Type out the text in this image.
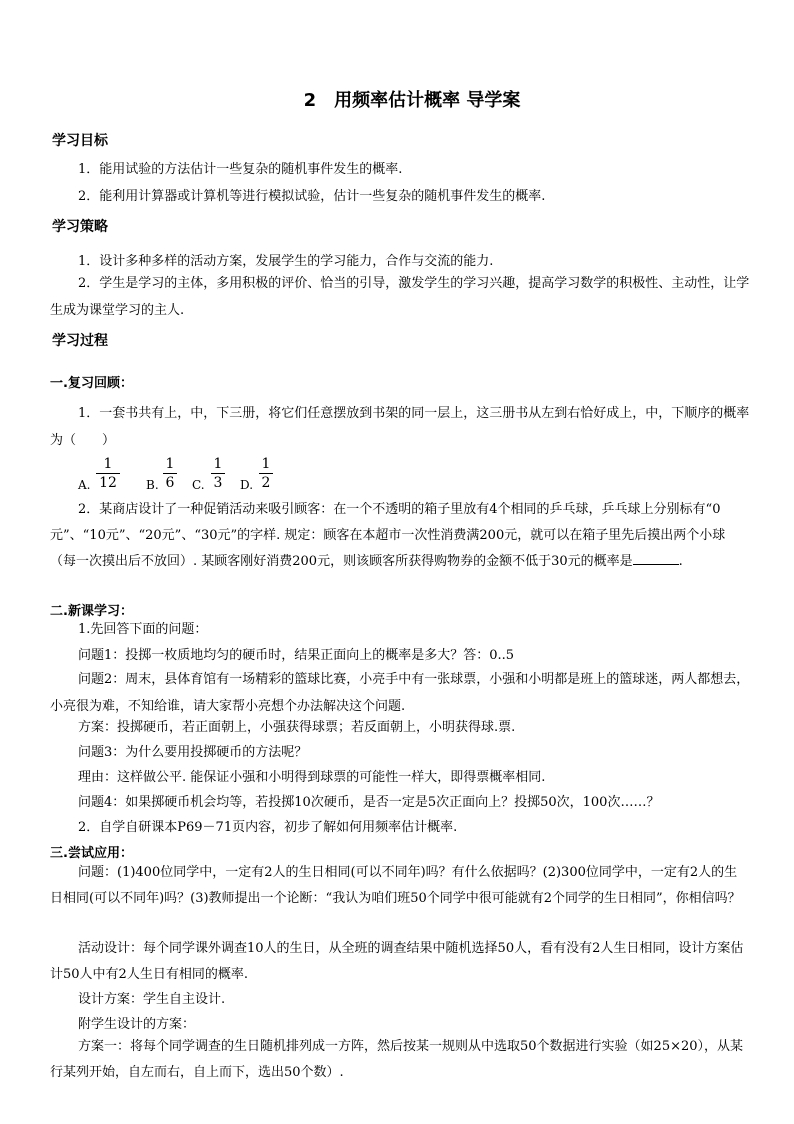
2　用频率估计概率 导学案
学习目标
1．能用试验的方法估计一些复杂的随机事件发生的概率.
2．能利用计算器或计算机等进行模拟试验，估计一些复杂的随机事件发生的概率.
学习策略
1．设计多种多样的活动方案，发展学生的学习能力，合作与交流的能力.
2．学生是学习的主体，多用积极的评价、恰当的引导，激发学生的学习兴趣，提高学习数学的积极性、主动性，让学生成为课堂学习的主人.
学习过程
一.复习回顾：
1．一套书共有上，中，下三册，将它们任意摆放到书架的同一层上，这三册书从左到右恰好成上，中，下顺序的概率为（　　）
A.
1
12 B.
1
6 C.
1
3 D.
1
2
2．某商店设计了一种促销活动来吸引顾客：在一个不透明的箱子里放有4个相同的乒乓球，乒乓球上分别标有“0元”、“10元”、“20元”、“30元”的字样. 规定：顾客在本超市一次性消费满200元，就可以在箱子里先后摸出两个小球（每一次摸出后不放回）. 某顾客刚好消费200元，则该顾客所获得购物券的金额不低于30元的概率是	.
二.新课学习：
1.先回答下面的问题：
问题1：投掷一枚质地均匀的硬币时，结果正面向上的概率是多大？答：0..5
问题2：周末，县体育馆有一场精彩的篮球比赛，小亮手中有一张球票，小强和小明都是班上的篮球迷，两人都想去，小亮很为难，不知给谁，请大家帮小亮想个办法解决这个问题.
方案：投掷硬币，若正面朝上，小强获得球票；若反面朝上，小明获得球.票.
问题3：为什么要用投掷硬币的方法呢？
理由：这样做公平. 能保证小强和小明得到球票的可能性一样大，即得票概率相同.
问题4：如果掷硬币机会均等，若投掷10次硬币，是否一定是5次正面向上？投掷50次，100次……？
2．自学自研课本P69－71页内容，初步了解如何用频率估计概率.
三.尝试应用：
问题：(1)400位同学中，一定有2人的生日相同(可以不同年)吗？有什么依据吗？(2)300位同学中，一定有2人的生日相同(可以不同年)吗？(3)教师提出一个论断：“我认为咱们班50个同学中很可能就有2个同学的生日相同”，你相信吗？
活动设计：每个同学课外调查10人的生日，从全班的调查结果中随机选择50人，看有没有2人生日相同，设计方案估计50人中有2人生日有相同的概率.
设计方案：学生自主设计.
附学生设计的方案：
方案一：将每个同学调查的生日随机排列成一方阵，然后按某一规则从中选取50个数据进行实验（如25×20），从某行某列开始，自左而右，自上而下，选出50个数）.
